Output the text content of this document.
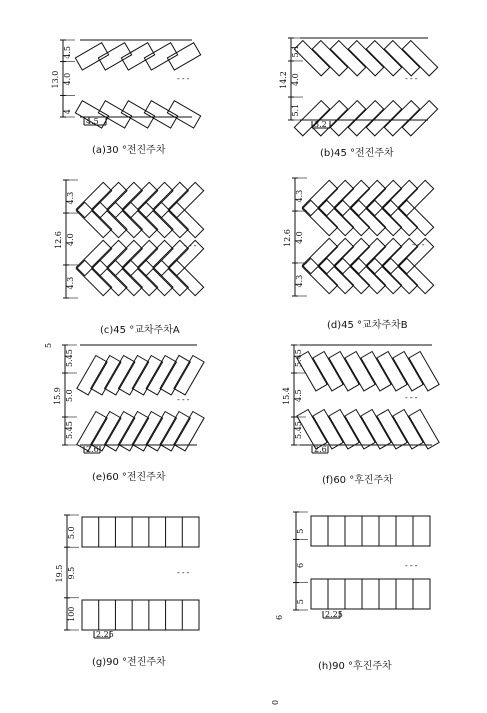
13.0
4.5
4.0
4
---
4.5
(a)30 °전진주차
14.2
5.1
4.0
5.1
---
3.2
(b)45 °전진주차
12.6
4.3
4.0
4.3
---
(c)45 °교차주차A
12.6
4.3
4.0
4.3
---
(d)45 °교차주차B
15.9
5.45
5.0
5.45
---
2.6
5
(e)60 °전진주차
15.4
5.45
4.5
5.45
---
2.6
(f)60 °후진주차
19.5
5.0
9.5
100
---
2.25
(g)90 °전진주차
5
6
5
---
2.25
6
(h)90 °후진주차
0
